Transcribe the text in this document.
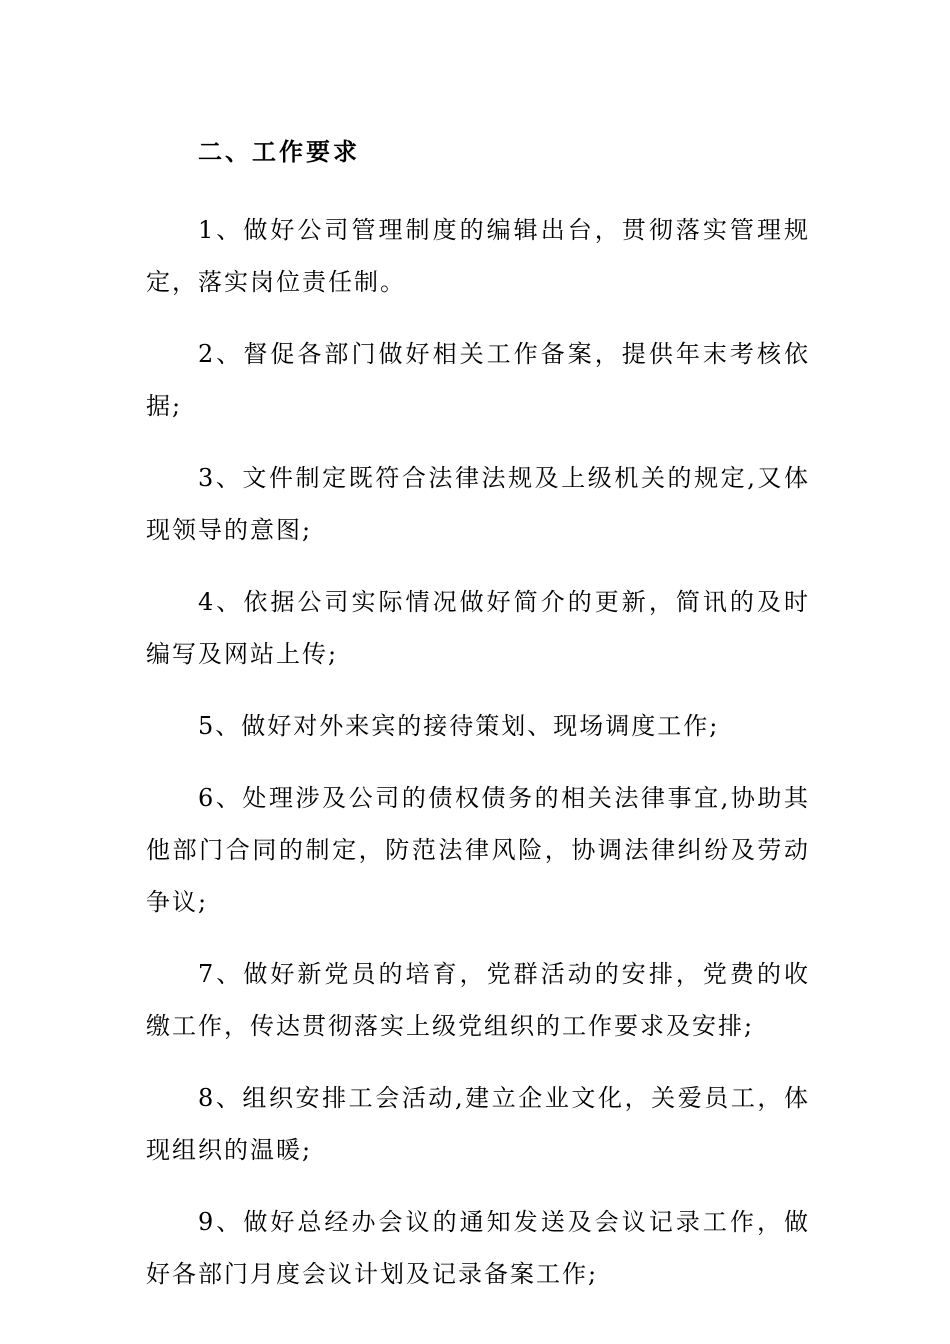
二、工作要求

1、做好公司管理制度的编辑出台，贯彻落实管理规定，落实岗位责任制。

2、督促各部门做好相关工作备案，提供年末考核依据;

3、文件制定既符合法律法规及上级机关的规定,又体现领导的意图;

4、依据公司实际情况做好简介的更新，简讯的及时编写及网站上传;

5、做好对外来宾的接待策划、现场调度工作;

6、处理涉及公司的债权债务的相关法律事宜,协助其他部门合同的制定，防范法律风险，协调法律纠纷及劳动争议;

7、做好新党员的培育，党群活动的安排，党费的收缴工作，传达贯彻落实上级党组织的工作要求及安排;

8、组织安排工会活动,建立企业文化，关爱员工，体现组织的温暖;

9、做好总经办会议的通知发送及会议记录工作，做好各部门月度会议计划及记录备案工作;
